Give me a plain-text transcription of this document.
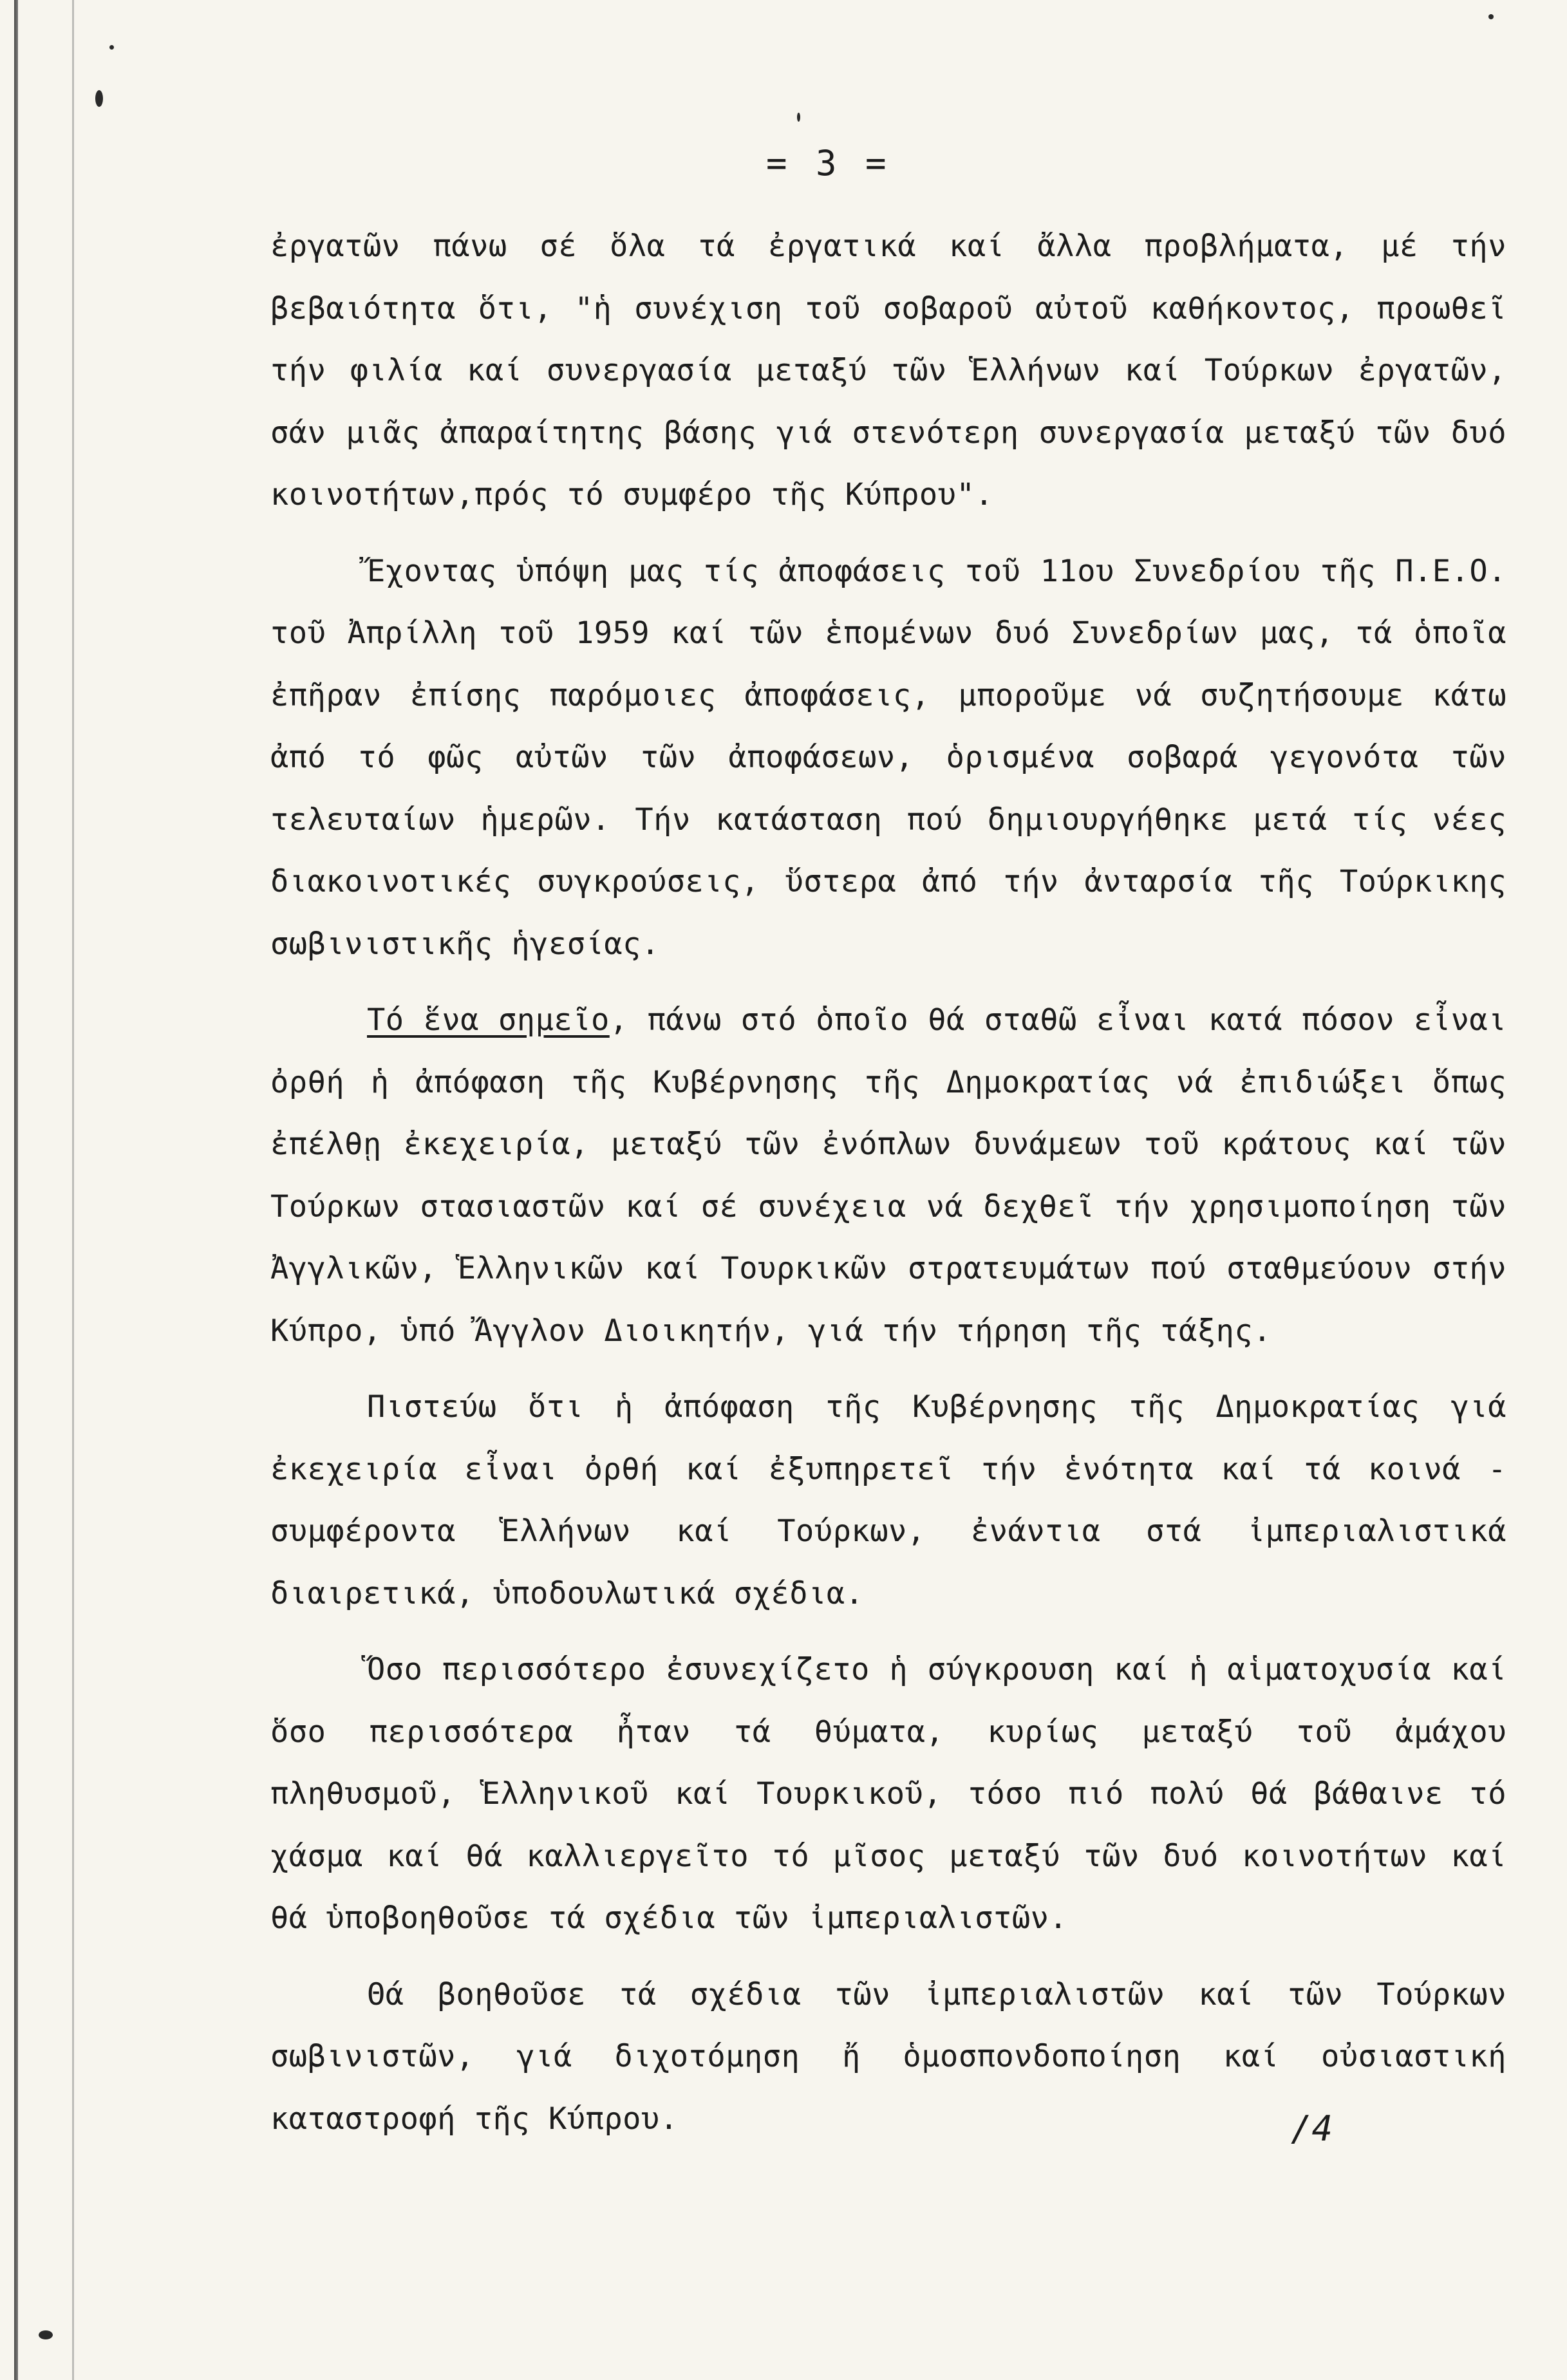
= 3 =

ἐργατῶν πάνω σέ ὅλα τά ἐργατικά καί ἄλλα προβλήματα, μέ τήν βεβαιότητα ὅτι, "ἡ συνέχιση τοῦ σοβαροῦ αὐτοῦ καθήκοντος, προωθεῖ τήν φιλία καί συνεργασία μεταξύ τῶν Ἑλλήνων καί Τούρκων ἐργατῶν, σάν μιᾶς ἀπαραίτητης βάσης γιά στενότερη συνεργασία μεταξύ τῶν δυό κοινοτήτων,πρός τό συμφέρο τῆς Κύπρου".

Ἔχοντας ὑπόψη μας τίς ἀποφάσεις τοῦ 11ου Συνεδρίου τῆς Π.Ε.Ο. τοῦ Ἀπρίλλη τοῦ 1959 καί τῶν ἑπομένων δυό Συνεδρίων μας, τά ὁποῖα ἐπῆραν ἐπίσης παρόμοιες ἀποφάσεις, μποροῦμε νά συζητήσουμε κάτω ἀπό τό φῶς αὐτῶν τῶν ἀποφάσεων, ὁρισμένα σοβαρά γεγονότα τῶν τελευταίων ἡμερῶν. Τήν κατάσταση πού δημιουργήθηκε μετά τίς νέες διακοινοτικές συγκρούσεις, ὕστερα ἀπό τήν ἀνταρσία τῆς Τούρκικης σωβινιστικῆς ἡγεσίας.

Τό ἕνα σημεῖο, πάνω στό ὁποῖο θά σταθῶ εἶναι κατά πόσον εἶναι ὀρθή ἡ ἀπόφαση τῆς Κυβέρνησης τῆς Δημοκρατίας νά ἐπιδιώξει ὅπως ἐπέλθῃ ἐκεχειρία, μεταξύ τῶν ἐνόπλων δυνάμεων τοῦ κράτους καί τῶν Τούρκων στασιαστῶν καί σέ συνέχεια νά δεχθεῖ τήν χρησιμοποίηση τῶν Ἀγγλικῶν, Ἑλληνικῶν καί Τουρκικῶν στρατευμάτων πού σταθμεύουν στήν Κύπρο, ὑπό Ἄγγλον Διοικητήν, γιά τήν τήρηση τῆς τάξης.

Πιστεύω ὅτι ἡ ἀπόφαση τῆς Κυβέρνησης τῆς Δημοκρατίας γιά ἐκεχειρία εἶναι ὀρθή καί ἐξυπηρετεῖ τήν ἑνότητα καί τά κοινά - συμφέροντα Ἑλλήνων καί Τούρκων, ἐνάντια στά ἰμπεριαλιστικά διαιρετικά, ὑποδουλωτικά σχέδια.

Ὅσο περισσότερο ἐσυνεχίζετο ἡ σύγκρουση καί ἡ αἱματοχυσία καί ὅσο περισσότερα ἦταν τά θύματα, κυρίως μεταξύ τοῦ ἀμάχου πληθυσμοῦ, Ἑλληνικοῦ καί Τουρκικοῦ, τόσο πιό πολύ θά βάθαινε τό χάσμα καί θά καλλιεργεῖτο τό μῖσος μεταξύ τῶν δυό κοινοτήτων καί θά ὑποβοηθοῦσε τά σχέδια τῶν ἰμπεριαλιστῶν.

Θά βοηθοῦσε τά σχέδια τῶν ἰμπεριαλιστῶν καί τῶν Τούρκων σωβινιστῶν, γιά διχοτόμηση ἤ ὁμοσπονδοποίηση καί οὐσιαστική καταστροφή τῆς Κύπρου.	/4
